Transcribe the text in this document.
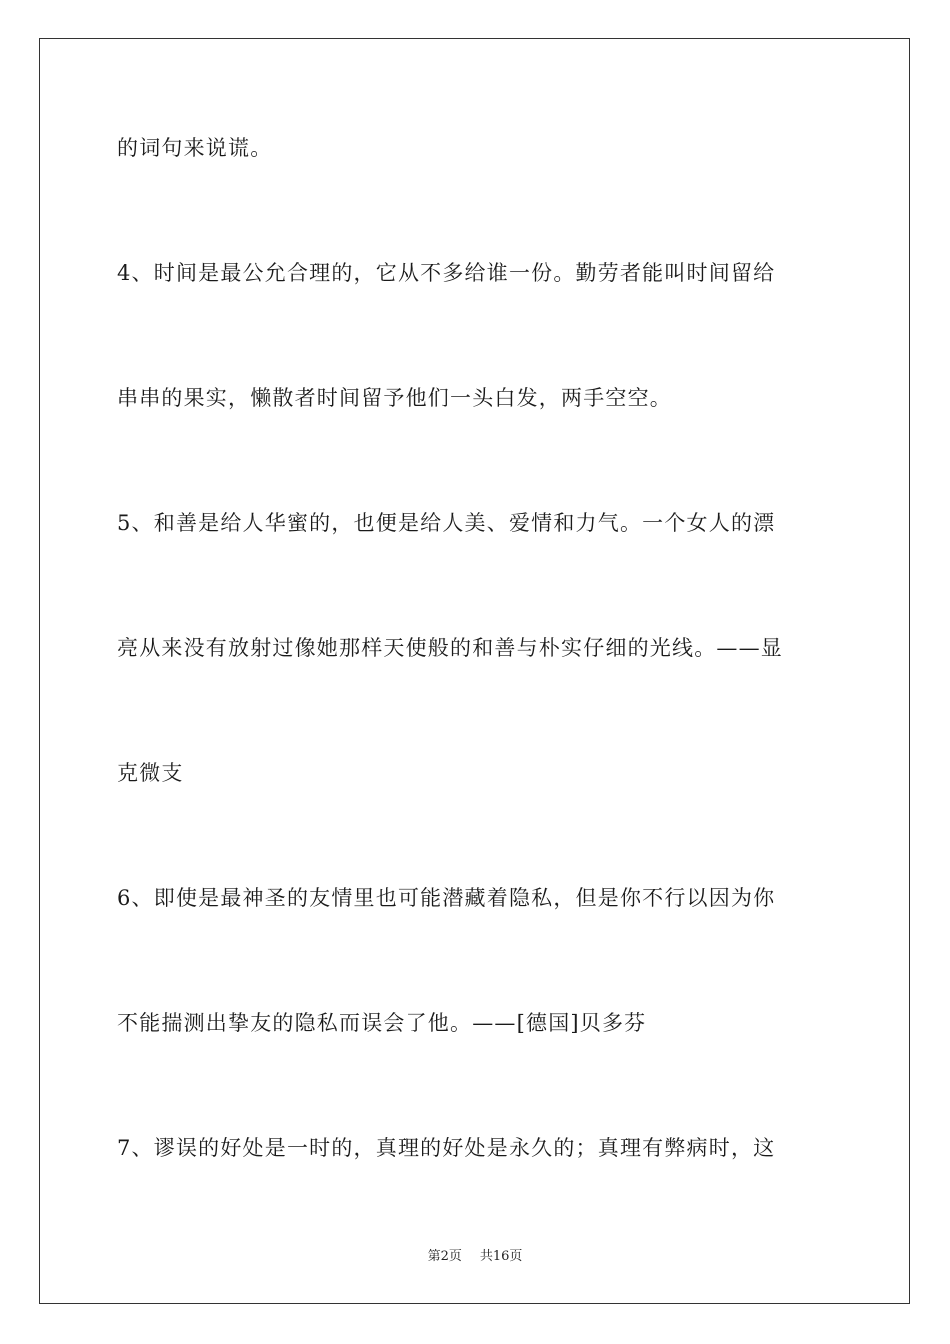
的词句来说谎。
4、时间是最公允合理的，它从不多给谁一份。勤劳者能叫时间留给
串串的果实，懒散者时间留予他们一头白发，两手空空。
5、和善是给人华蜜的，也便是给人美、爱情和力气。一个女人的漂
亮从来没有放射过像她那样天使般的和善与朴实仔细的光线。——显
克微支
6、即使是最神圣的友情里也可能潜藏着隐私，但是你不行以因为你
不能揣测出挚友的隐私而误会了他。——[德国]贝多芬
7、谬误的好处是一时的，真理的好处是永久的；真理有弊病时，这
第2页 共16页
